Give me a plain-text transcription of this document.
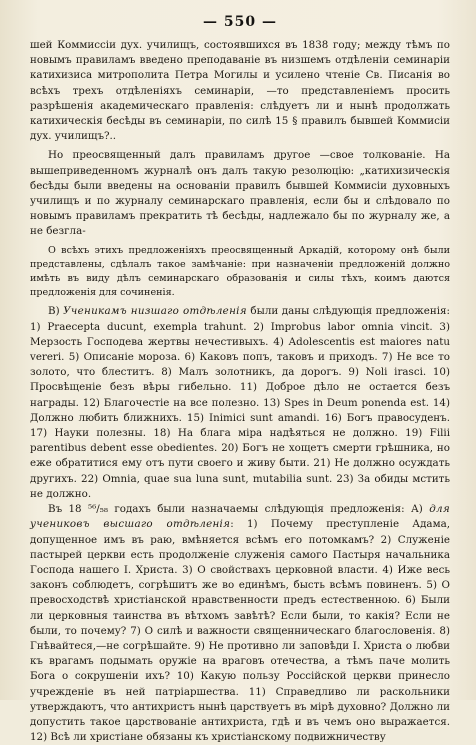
— 550 —

шей Коммиссiи дух. училищъ, состоявшихся въ 1838 году; между тѣмъ по новымъ правиламъ введено преподаванiе въ низшемъ отдѣленiи семинарiи катихизиса митрополита Петра Могилы и усилено чтенiе Св. Писанiя во всѣхъ трехъ отдѣленiяхъ семинарiи, —то представленiемъ просить разрѣшенiя академическаго правленiя: слѣдуетъ ли и нынѣ продолжать катихическiя бесѣды въ семинарiи, по силѣ 15 § правилъ бывшей Коммисiи дух. училищъ?..

Но преосвященный далъ правиламъ другое —свое толкованiе. На вышеприведенномъ журналѣ онъ далъ такую резолюцiю: „катихизическiя бесѣды были введены на основанiи правилъ бывшей Коммисiи духовныхъ училищъ и по журналу семинарскаго правленiя, если бы и слѣдовало по новымъ правиламъ прекратить тѣ бесѣды, надлежало бы по журналу же, а не безгла-

О всѣхъ этихъ предложенiяхъ преосвященный Аркадiй, которому онѣ были представлены, сдѣлалъ такое замѣчанiе: при назначенiи предложенiй должно имѣть въ виду дѣлъ семинарскаго образованiя и силы тѣхъ, коимъ даются предложенiя для сочиненiя.

В) Ученикамъ низшаго отдѣленiя были даны слѣдующiя предложенiя: 1) Praecepta ducunt, exempla trahunt. 2) Improbus labor omnia vincit. 3) Мерзость Господева жертвы нечестивыхъ. 4) Adolescentis est maiores natu vereri. 5) Описанiе мороза. 6) Каковъ попъ, таковъ и приходъ. 7) Не все то золото, что блеститъ. 8) Малъ золотникъ, да дорогъ. 9) Noli irasci. 10) Просвѣщенiе безъ вѣры гибельно. 11) Доброе дѣло не остается безъ награды. 12) Благочестiе на все полезно. 13) Spes in Deum ponenda est. 14) Должно любить ближнихъ. 15) Inimici sunt amandi. 16) Богъ правосуденъ. 17) Науки полезны. 18) На блага мiра надѣяться не должно. 19) Filii parentibus debent esse obedientes. 20) Богъ не хощетъ смерти грѣшника, но еже обратитися ему отъ пути своего и живу быти. 21) Не должно осуждать другихъ. 22) Omnia, quae sua luna sunt, mutabilia sunt. 23) За обиды мстить не должно.

Въ 18 ⁵⁶/₅₈ годахъ были назначаемы слѣдующiя предложенiя: А) для учениковъ высшаго отдѣленiя: 1) Почему преступленiе Адама, допущенное имъ въ раю, вмѣняется всѣмъ его потомкамъ? 2) Служенiе пастырей церкви есть продолженiе служенiя самого Пастыря начальника Господа нашего I. Христа. 3) О свойствахъ церковной власти. 4) Иже весь законъ соблюдетъ, согрѣшитъ же во единѣмъ, бысть всѣмъ повиненъ. 5) О превосходствѣ христiанской нравственности предъ естественною. 6) Были ли церковныя таинства въ вѣтхомъ завѣтѣ? Если были, то какiя? Если не были, то почему? 7) О силѣ и важности священническаго благословенiя. 8) Гнѣвайтеся,—не согрѣшайте. 9) Не противно ли заповѣди I. Христа о любви къ врагамъ подымать оружiе на враговъ отечества, а тѣмъ паче молить Бога о сокрушенiи ихъ? 10) Какую пользу Россiйской церкви принесло учрежденiе въ ней патрiаршества. 11) Справедливо ли раскольники утверждаютъ, что антихристъ нынѣ царствуетъ въ мiрѣ духовно? Должно ли допустить такое царствованiе антихриста, гдѣ и въ чемъ оно выражается. 12) Всѣ ли христiане обязаны къ христiанскому подвижничеству
